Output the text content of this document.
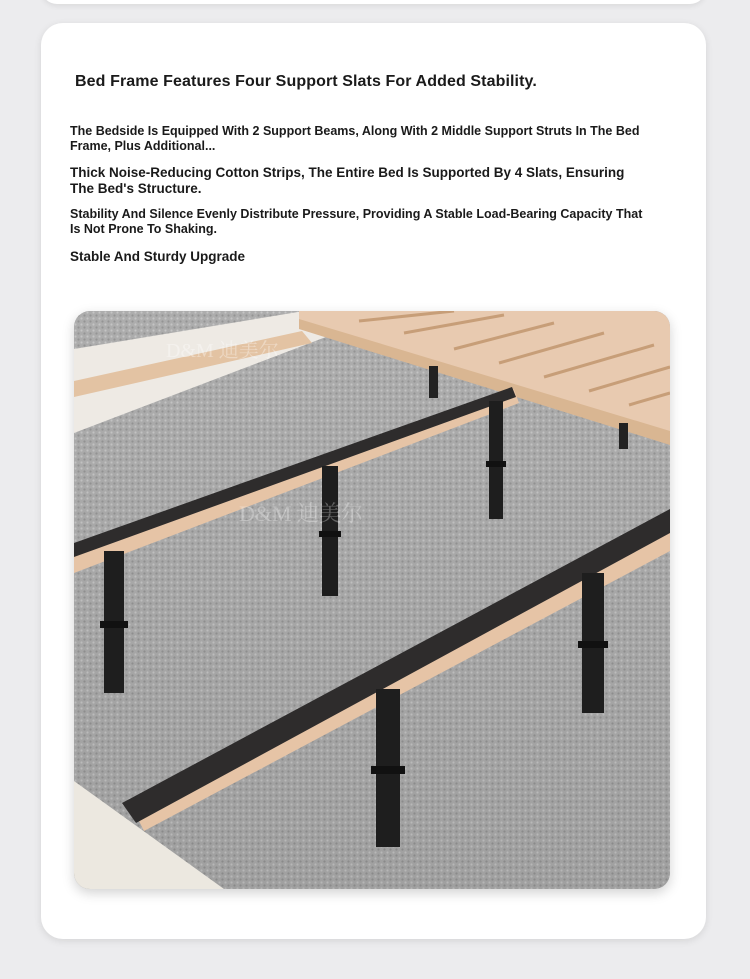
Bed Frame Features Four Support Slats For Added Stability.
The Bedside Is Equipped With 2 Support Beams, Along With 2 Middle Support Struts In The Bed Frame, Plus Additional...
Thick Noise-Reducing Cotton Strips, The Entire Bed Is Supported By 4 Slats, Ensuring The Bed's Structure.
Stability And Silence Evenly Distribute Pressure, Providing A Stable Load-Bearing Capacity That Is Not Prone To Shaking.
Stable And Sturdy Upgrade
D&M 迪美尔
D&M 迪美尔
